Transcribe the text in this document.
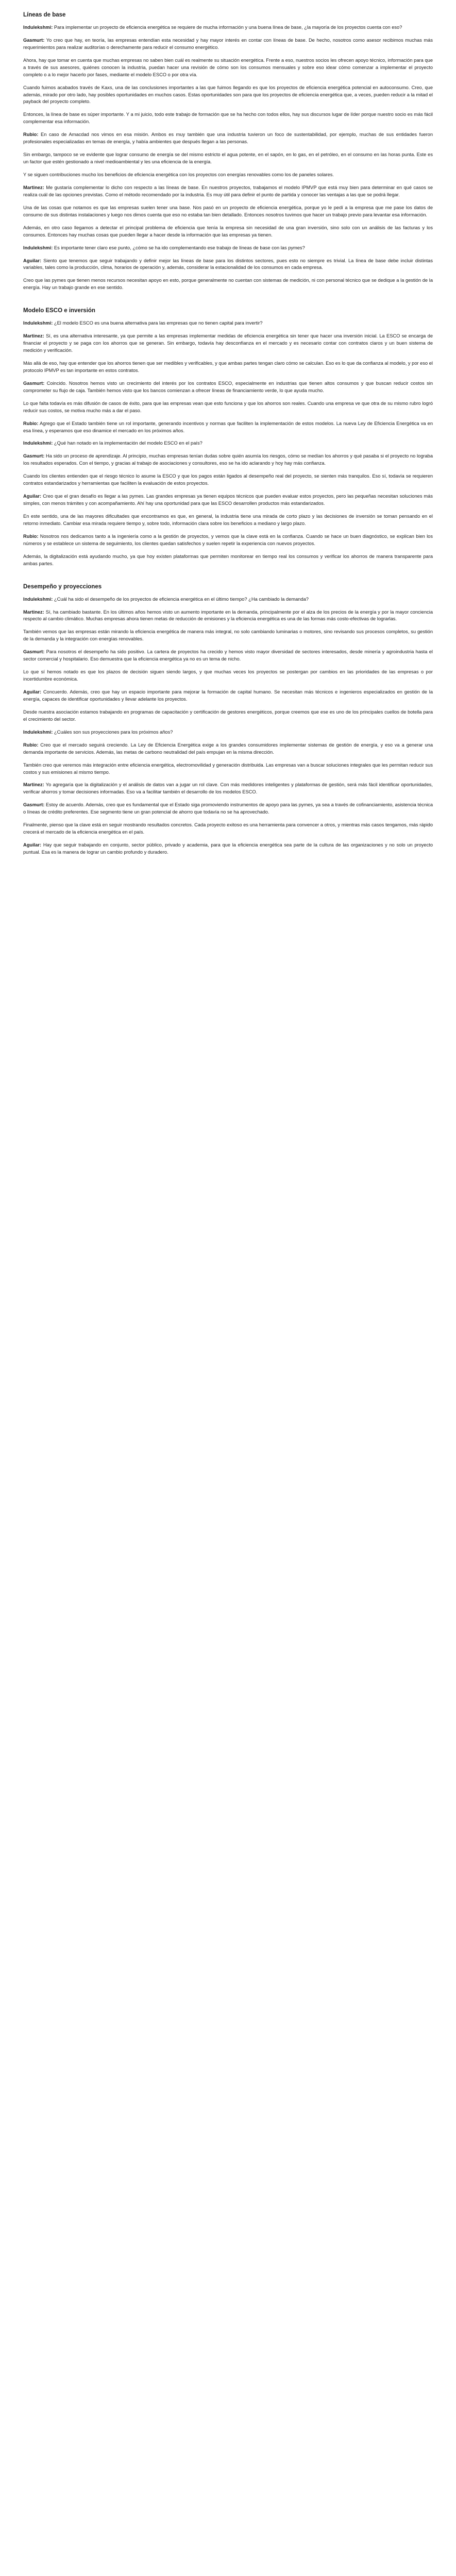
Líneas de base

Indulekshmi: Para implementar un proyecto de eficiencia energética se requiere de mucha información y una buena línea de base, ¿la mayoría de los proyectos cuenta con eso?

Gasmurt: Yo creo que hay, en teoría, las empresas entendían esta necesidad y hay mayor interés en contar con líneas de base. De hecho, nosotros como asesor recibimos muchas más requerimientos para realizar auditorías o derechamente para reducir el consumo energético.

Ahora, hay que tomar en cuenta que muchas empresas no saben bien cuál es realmente su situación energética. Frente a eso, nuestros socios les ofrecen apoyo técnico, información para que a través de sus asesores, quiénes conocen la industria, puedan hacer una revisión de cómo son los consumos mensuales y sobre eso idear cómo comenzar a implementar el proyecto completo o a lo mejor hacerlo por fases, mediante el modelo ESCO o por otra vía.

Cuando fuimos acabados través de Kaxs, una de las conclusiones importantes a las que fuimos llegando es que los proyectos de eficiencia energética potencial en autoconsumo. Creo, que además, mirado por otro lado, hay posibles oportunidades en muchos casos. Estas oportunidades son para que los proyectos de eficiencia energética que, a veces, pueden reducir a la mitad el payback del proyecto completo.

Entonces, la línea de base es súper importante. Y a mi juicio, todo este trabajo de formación que se ha hecho con todos ellos, hay sus discursos lugar de líder porque nuestro socio es más fácil complementar esa información.

Rubio: En caso de Amacdad nos vimos en esa misión. Ambos es muy también que una industria tuvieron un foco de sustentabilidad, por ejemplo, muchas de sus entidades fueron profesionales especializadas en temas de energía, y había ambientes que después llegan a las personas.

Sin embargo, tampoco se ve evidente que lograr consumo de energía se del mismo estricto el agua potente, en el sapón, en lo gas, en el petróleo, en el consumo en las horas punta. Este es un factor que estén gestionado a nivel medioambiental y les una eficiencia de la energía.

Y se siguen contribuciones mucho los beneficios de eficiencia energética con los proyectos con energías renovables como los de paneles solares.

Martinez: Me gustaría complementar lo dicho con respecto a las líneas de base. En nuestros proyectos, trabajamos el modelo IPMVP que está muy bien para determinar en qué casos se realiza cuál de las opciones previstas. Como el método recomendado por la industria. Es muy útil para definir el punto de partida y conocer las ventajas a las que se podrá llegar.

Una de las cosas que notamos es que las empresas suelen tener una base. Nos pasó en un proyecto de eficiencia energética, porque yo le pedí a la empresa que me pase los datos de consumo de sus distintas instalaciones y luego nos dimos cuenta que eso no estaba tan bien detallado. Entonces nosotros tuvimos que hacer un trabajo previo para levantar esa información.

Además, en otro caso llegamos a detectar el principal problema de eficiencia que tenía la empresa sin necesidad de una gran inversión, sino solo con un análisis de las facturas y los consumos. Entonces hay muchas cosas que pueden llegar a hacer desde la información que las empresas ya tienen.

Indulekshmi: Es importante tener claro ese punto, ¿cómo se ha ido complementando ese trabajo de líneas de base con las pymes?

Aguilar: Siento que tenemos que seguir trabajando y definir mejor las líneas de base para los distintos sectores, pues esto no siempre es trivial. La línea de base debe incluir distintas variables, tales como la producción, clima, horarios de operación y, además, considerar la estacionalidad de los consumos en cada empresa.

Creo que las pymes que tienen menos recursos necesitan apoyo en esto, porque generalmente no cuentan con sistemas de medición, ni con personal técnico que se dedique a la gestión de la energía. Hay un trabajo grande en ese sentido.

Modelo ESCO e inversión

Indulekshmi: ¿El modelo ESCO es una buena alternativa para las empresas que no tienen capital para invertir?

Martinez: Sí, es una alternativa interesante, ya que permite a las empresas implementar medidas de eficiencia energética sin tener que hacer una inversión inicial. La ESCO se encarga de financiar el proyecto y se paga con los ahorros que se generan. Sin embargo, todavía hay desconfianza en el mercado y es necesario contar con contratos claros y un buen sistema de medición y verificación.

Más allá de eso, hay que entender que los ahorros tienen que ser medibles y verificables, y que ambas partes tengan claro cómo se calculan. Eso es lo que da confianza al modelo, y por eso el protocolo IPMVP es tan importante en estos contratos.

Gasmurt: Coincido. Nosotros hemos visto un crecimiento del interés por los contratos ESCO, especialmente en industrias que tienen altos consumos y que buscan reducir costos sin comprometer su flujo de caja. También hemos visto que los bancos comienzan a ofrecer líneas de financiamiento verde, lo que ayuda mucho.

Lo que falta todavía es más difusión de casos de éxito, para que las empresas vean que esto funciona y que los ahorros son reales. Cuando una empresa ve que otra de su mismo rubro logró reducir sus costos, se motiva mucho más a dar el paso.

Rubio: Agrego que el Estado también tiene un rol importante, generando incentivos y normas que faciliten la implementación de estos modelos. La nueva Ley de Eficiencia Energética va en esa línea, y esperamos que eso dinamice el mercado en los próximos años.

Indulekshmi: ¿Qué han notado en la implementación del modelo ESCO en el país?

Gasmurt: Ha sido un proceso de aprendizaje. Al principio, muchas empresas tenían dudas sobre quién asumía los riesgos, cómo se medían los ahorros y qué pasaba si el proyecto no lograba los resultados esperados. Con el tiempo, y gracias al trabajo de asociaciones y consultores, eso se ha ido aclarando y hoy hay más confianza.

Cuando los clientes entienden que el riesgo técnico lo asume la ESCO y que los pagos están ligados al desempeño real del proyecto, se sienten más tranquilos. Eso sí, todavía se requieren contratos estandarizados y herramientas que faciliten la evaluación de estos proyectos.

Aguilar: Creo que el gran desafío es llegar a las pymes. Las grandes empresas ya tienen equipos técnicos que pueden evaluar estos proyectos, pero las pequeñas necesitan soluciones más simples, con menos trámites y con acompañamiento. Ahí hay una oportunidad para que las ESCO desarrollen productos más estandarizados.

En este sentido, una de las mayores dificultades que encontramos es que, en general, la industria tiene una mirada de corto plazo y las decisiones de inversión se toman pensando en el retorno inmediato. Cambiar esa mirada requiere tiempo y, sobre todo, información clara sobre los beneficios a mediano y largo plazo.

Rubio: Nosotros nos dedicamos tanto a la ingeniería como a la gestión de proyectos, y vemos que la clave está en la confianza. Cuando se hace un buen diagnóstico, se explican bien los números y se establece un sistema de seguimiento, los clientes quedan satisfechos y suelen repetir la experiencia con nuevos proyectos.

Además, la digitalización está ayudando mucho, ya que hoy existen plataformas que permiten monitorear en tiempo real los consumos y verificar los ahorros de manera transparente para ambas partes.

Desempeño y proyecciones

Indulekshmi: ¿Cuál ha sido el desempeño de los proyectos de eficiencia energética en el último tiempo? ¿Ha cambiado la demanda?

Martinez: Sí, ha cambiado bastante. En los últimos años hemos visto un aumento importante en la demanda, principalmente por el alza de los precios de la energía y por la mayor conciencia respecto al cambio climático. Muchas empresas ahora tienen metas de reducción de emisiones y la eficiencia energética es una de las formas más costo-efectivas de lograrlas.

También vemos que las empresas están mirando la eficiencia energética de manera más integral, no solo cambiando luminarias o motores, sino revisando sus procesos completos, su gestión de la demanda y la integración con energías renovables.

Gasmurt: Para nosotros el desempeño ha sido positivo. La cartera de proyectos ha crecido y hemos visto mayor diversidad de sectores interesados, desde minería y agroindustria hasta el sector comercial y hospitalario. Eso demuestra que la eficiencia energética ya no es un tema de nicho.

Lo que sí hemos notado es que los plazos de decisión siguen siendo largos, y que muchas veces los proyectos se postergan por cambios en las prioridades de las empresas o por incertidumbre económica.

Aguilar: Concuerdo. Además, creo que hay un espacio importante para mejorar la formación de capital humano. Se necesitan más técnicos e ingenieros especializados en gestión de la energía, capaces de identificar oportunidades y llevar adelante los proyectos.

Desde nuestra asociación estamos trabajando en programas de capacitación y certificación de gestores energéticos, porque creemos que ese es uno de los principales cuellos de botella para el crecimiento del sector.

Indulekshmi: ¿Cuáles son sus proyecciones para los próximos años?

Rubio: Creo que el mercado seguirá creciendo. La Ley de Eficiencia Energética exige a los grandes consumidores implementar sistemas de gestión de energía, y eso va a generar una demanda importante de servicios. Además, las metas de carbono neutralidad del país empujan en la misma dirección.

También creo que veremos más integración entre eficiencia energética, electromovilidad y generación distribuida. Las empresas van a buscar soluciones integrales que les permitan reducir sus costos y sus emisiones al mismo tiempo.

Martinez: Yo agregaría que la digitalización y el análisis de datos van a jugar un rol clave. Con más medidores inteligentes y plataformas de gestión, será más fácil identificar oportunidades, verificar ahorros y tomar decisiones informadas. Eso va a facilitar también el desarrollo de los modelos ESCO.

Gasmurt: Estoy de acuerdo. Además, creo que es fundamental que el Estado siga promoviendo instrumentos de apoyo para las pymes, ya sea a través de cofinanciamiento, asistencia técnica o líneas de crédito preferentes. Ese segmento tiene un gran potencial de ahorro que todavía no se ha aprovechado.

Finalmente, pienso que la clave está en seguir mostrando resultados concretos. Cada proyecto exitoso es una herramienta para convencer a otros, y mientras más casos tengamos, más rápido crecerá el mercado de la eficiencia energética en el país.

Aguilar: Hay que seguir trabajando en conjunto, sector público, privado y academia, para que la eficiencia energética sea parte de la cultura de las organizaciones y no solo un proyecto puntual. Esa es la manera de lograr un cambio profundo y duradero.
